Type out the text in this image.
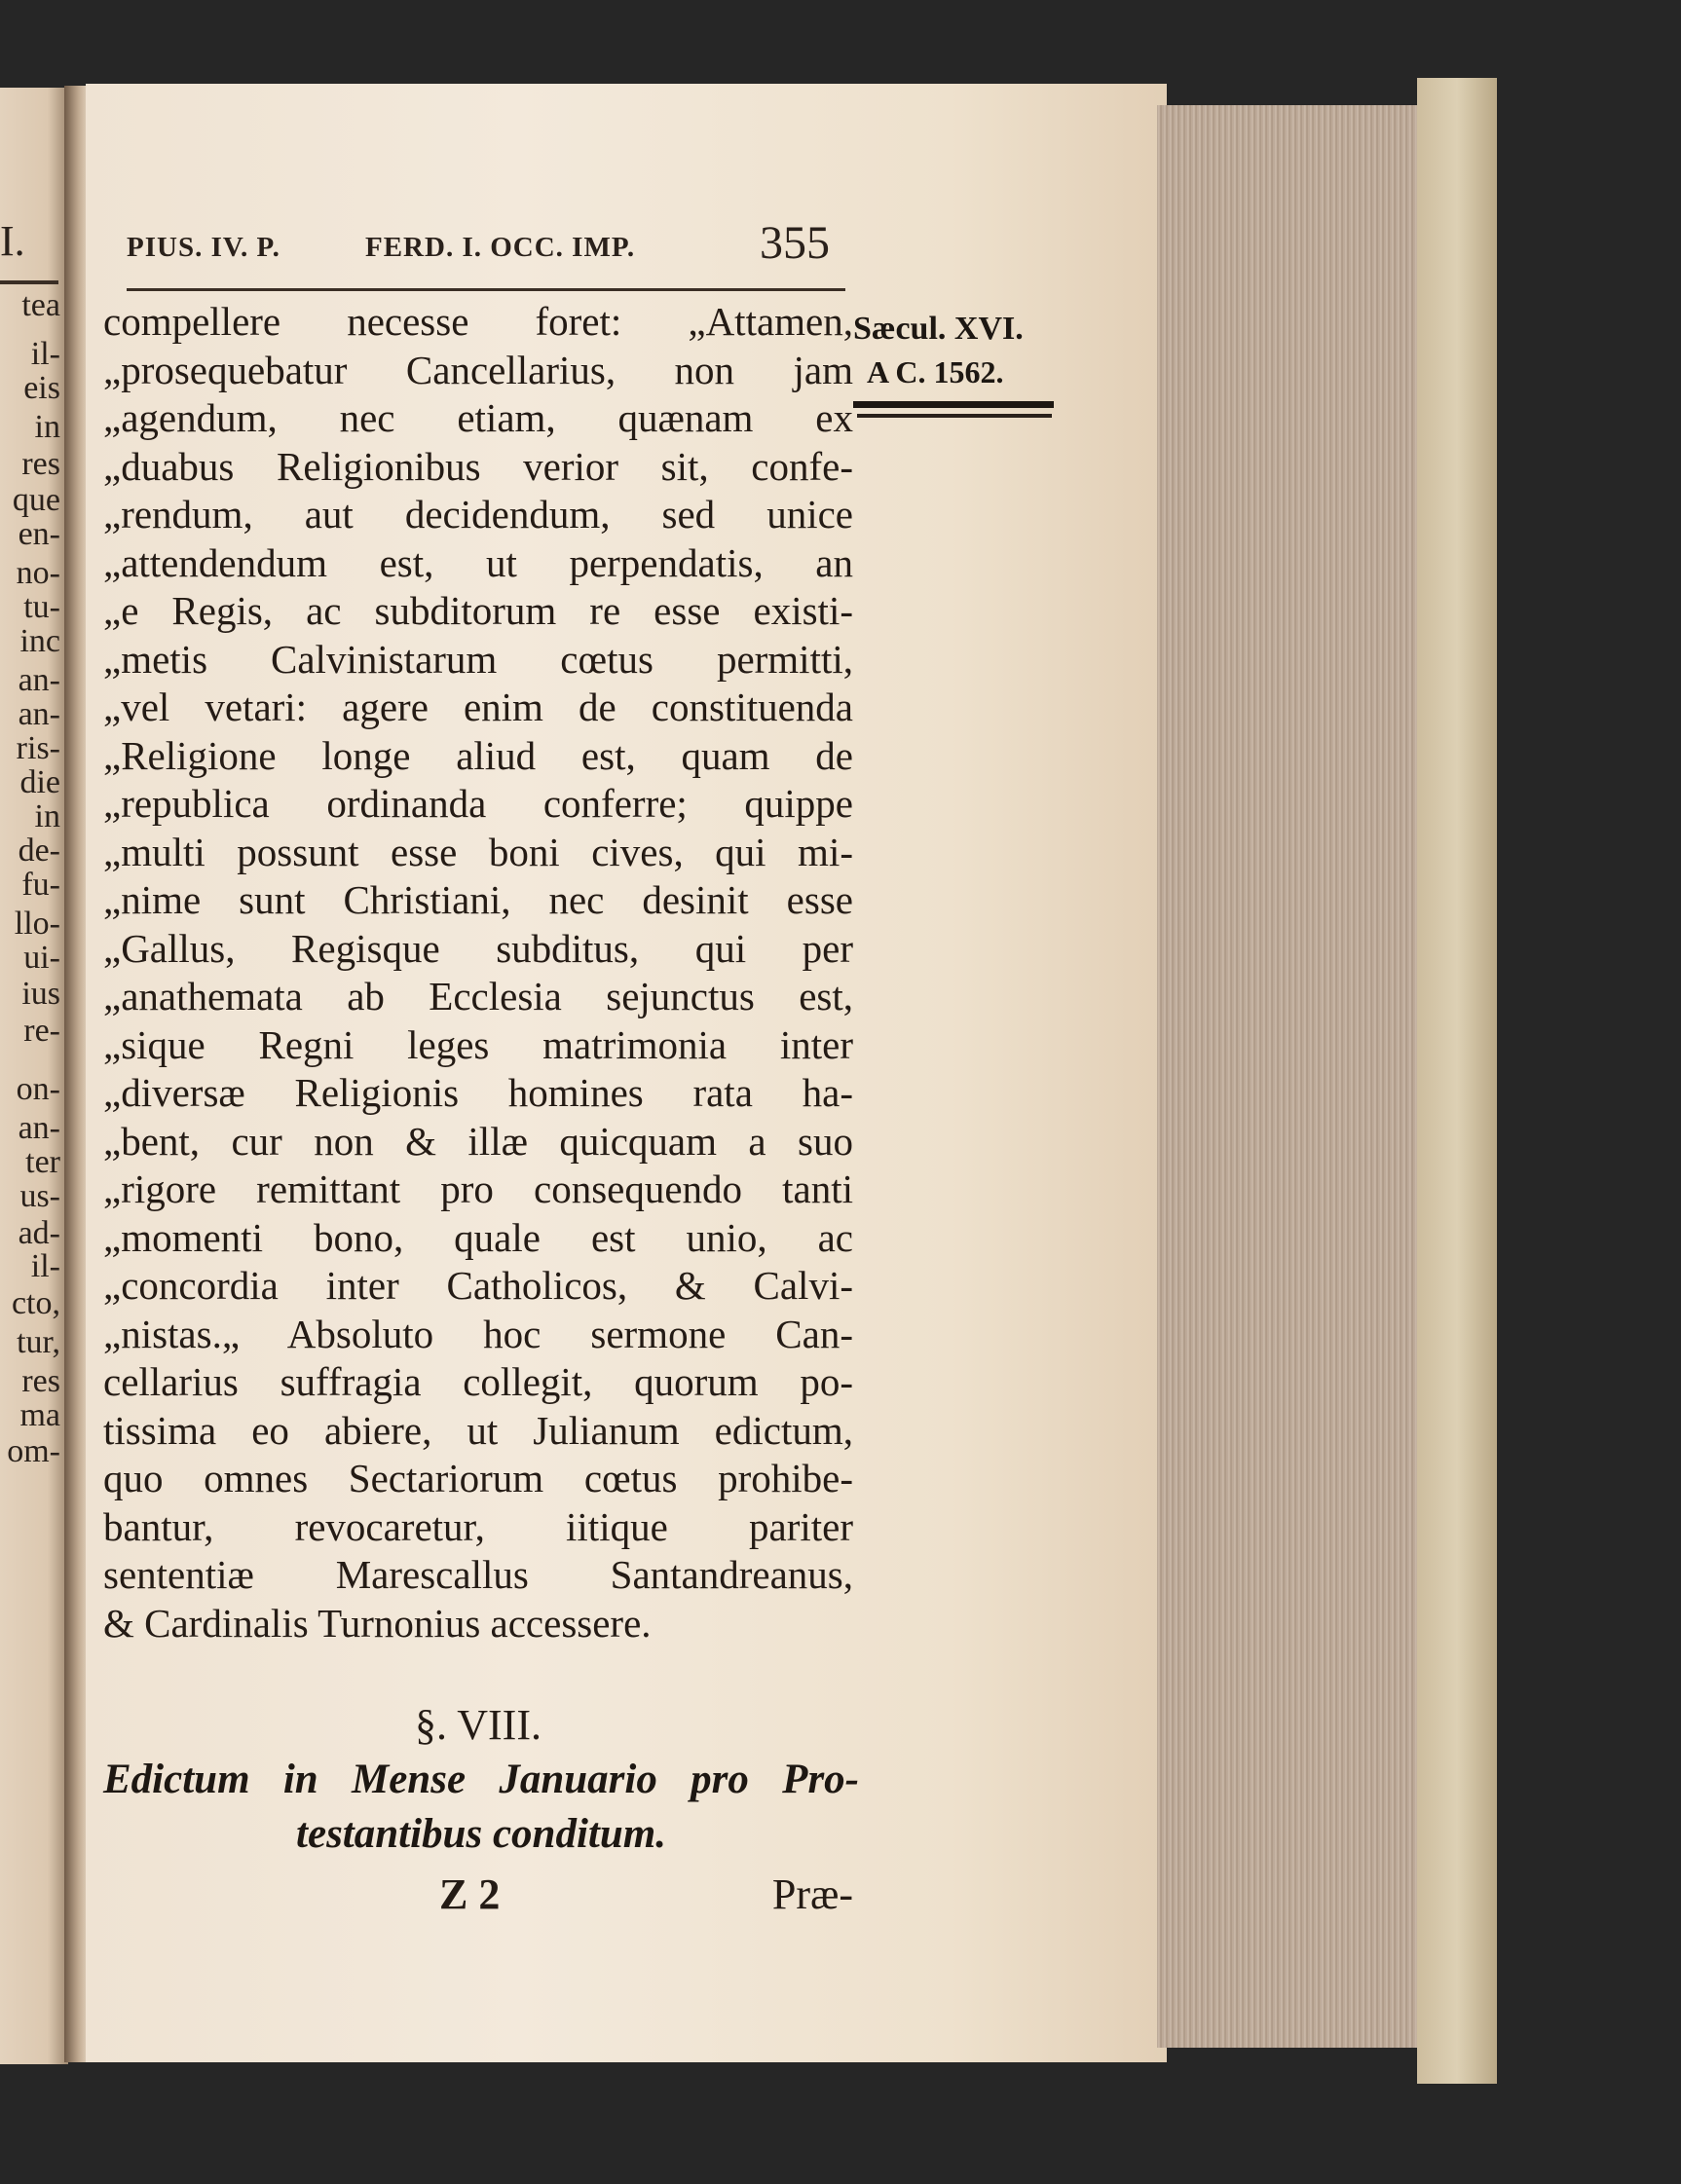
I.
tea
il-
eis
in
res
que
en-
no-
tu-
inc
an-
an-
ris-
die
in
de-
fu-
llo-
ui-
ius
re-
on-
an-
ter
us-
ad-
il-
cto,
tur,
res
ma
om-
PIUS. IV. P.	FERD. I. OCC. IMP.	355
Sæcul. XVI.
A C. 1562.
compellere necesse foret: „Attamen,
„prosequebatur Cancellarius, non jam
„agendum, nec etiam, quænam ex
„duabus Religionibus verior sit, confe-
„rendum, aut decidendum, sed unice
„attendendum est, ut perpendatis, an
„e Regis, ac subditorum re esse existi-
„metis Calvinistarum cœtus permitti,
„vel vetari: agere enim de constituenda
„Religione longe aliud est, quam de
„republica ordinanda conferre; quippe
„multi possunt esse boni cives, qui mi-
„nime sunt Christiani, nec desinit esse
„Gallus, Regisque subditus, qui per
„anathemata ab Ecclesia sejunctus est,
„sique Regni leges matrimonia inter
„diversæ Religionis homines rata ha-
„bent, cur non & illæ quicquam a suo
„rigore remittant pro consequendo tanti
„momenti bono, quale est unio, ac
„concordia inter Catholicos, & Calvi-
„nistas.„ Absoluto hoc sermone Can-
cellarius suffragia collegit, quorum po-
tissima eo abiere, ut Julianum edictum,
quo omnes Sectariorum cœtus prohibe-
bantur, revocaretur, iitique pariter
sententiæ Marescallus Santandreanus,
& Cardinalis Turnonius accessere.
§. VIII.
Edictum in Mense Januario pro Pro-
testantibus conditum.
Z 2	Præ-
